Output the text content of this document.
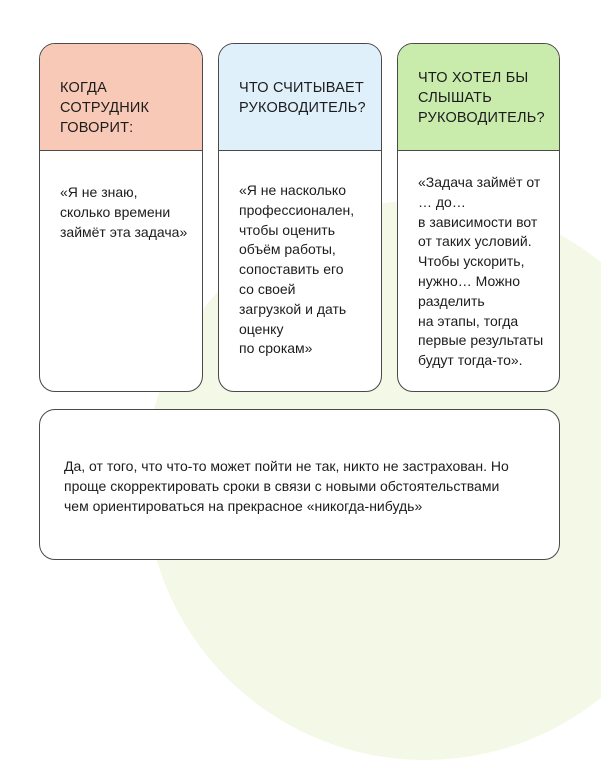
КОГДА СОТРУДНИК
ГОВОРИТ:
«Я не знаю,
сколько времени
займёт эта задача»
ЧТО СЧИТЫВАЕТ
РУКОВОДИТЕЛЬ?
«Я не насколько
профессионален,
чтобы оценить
объём работы,
сопоставить его
со своей
загрузкой и дать
оценку
по срокам»
ЧТО ХОТЕЛ БЫ
СЛЫШАТЬ
РУКОВОДИТЕЛЬ?
«Задача займёт от
… до…
в зависимости вот
от таких условий.
Чтобы ускорить,
нужно… Можно
разделить
на этапы, тогда
первые результаты
будут тогда-то».
Да, от того, что что-то может пойти не так, никто не застрахован. Но
проще скорректировать сроки в связи с новыми обстоятельствами
чем ориентироваться на прекрасное «никогда-нибудь»
